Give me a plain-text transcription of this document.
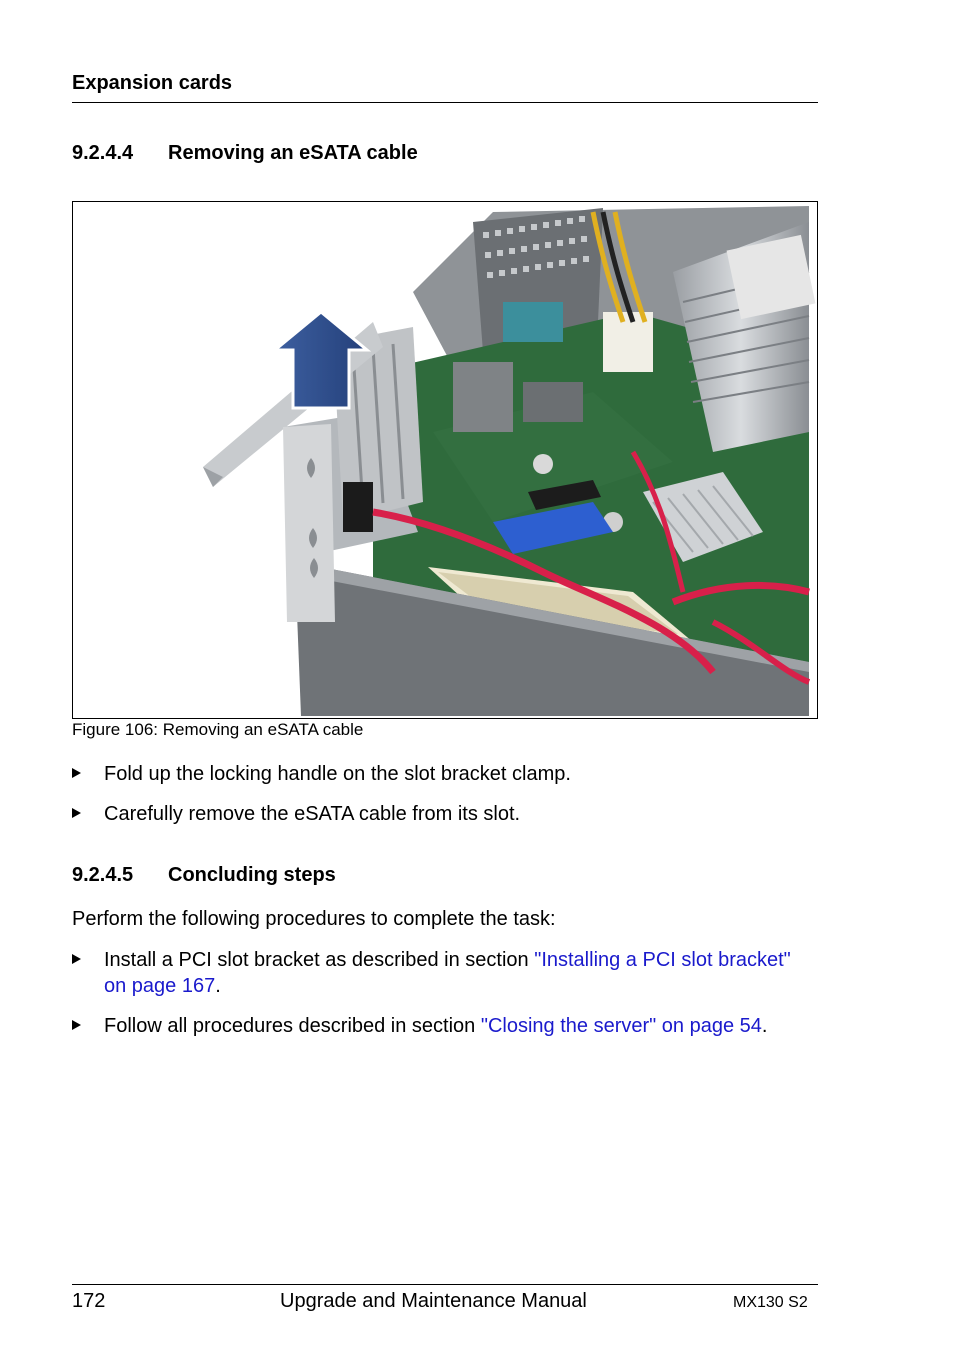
Expansion cards
9.2.4.4 Removing an eSATA cable
Figure 106: Removing an eSATA cable
Fold up the locking handle on the slot bracket clamp.
Carefully remove the eSATA cable from its slot.
9.2.4.5 Concluding steps
Perform the following procedures to complete the task:
Install a PCI slot bracket as described in section "Installing a PCI slot bracket" on page 167.
Follow all procedures described in section "Closing the server" on page 54.
172	Upgrade and Maintenance Manual	MX130 S2
